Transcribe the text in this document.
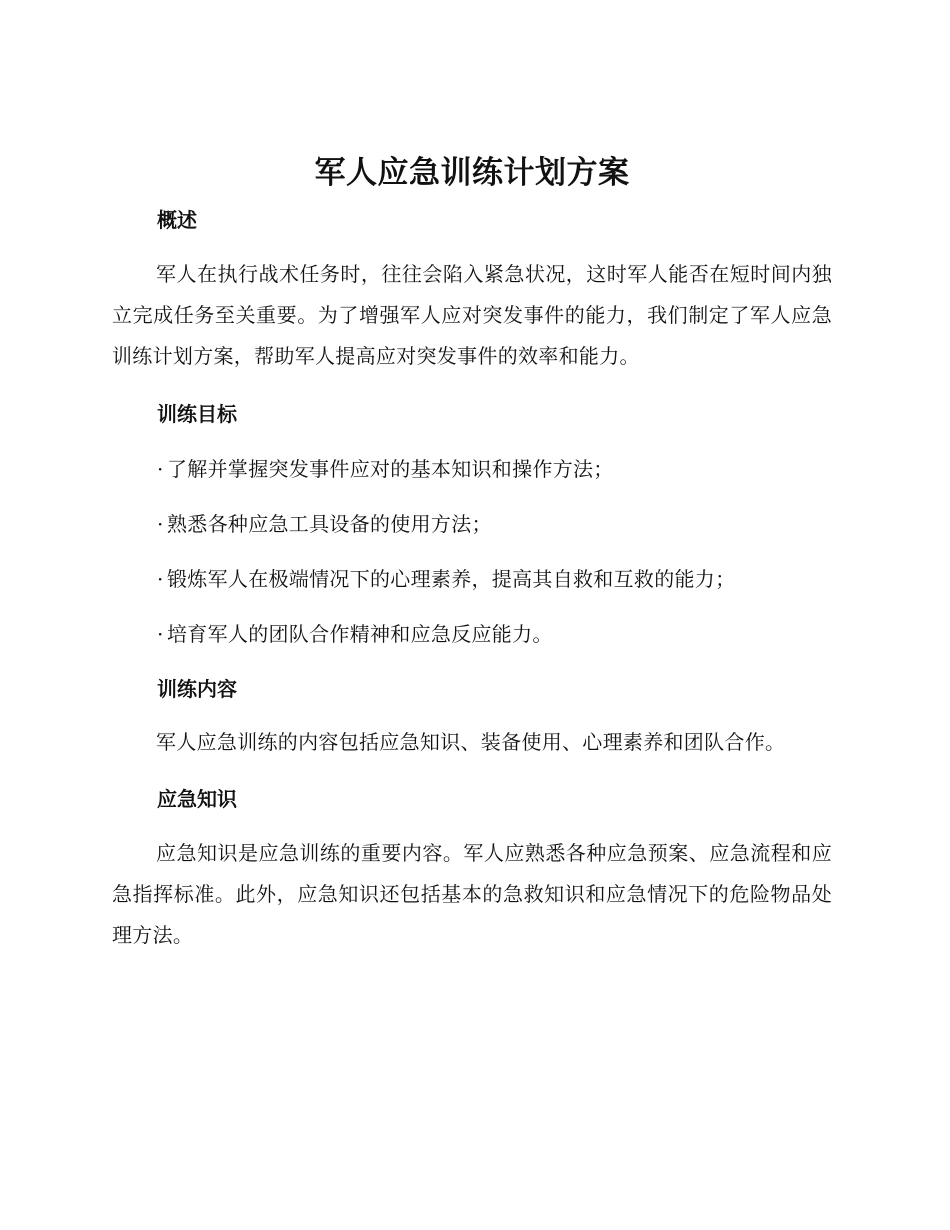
军人应急训练计划方案
概述

军人在执行战术任务时，往往会陷入紧急状况，这时军人能否在短时间内独立完成任务至关重要。为了增强军人应对突发事件的能力，我们制定了军人应急训练计划方案，帮助军人提高应对突发事件的效率和能力。

训练目标

· 了解并掌握突发事件应对的基本知识和操作方法；

· 熟悉各种应急工具设备的使用方法；

· 锻炼军人在极端情况下的心理素养，提高其自救和互救的能力；

· 培育军人的团队合作精神和应急反应能力。

训练内容

军人应急训练的内容包括应急知识、装备使用、心理素养和团队合作。

应急知识

应急知识是应急训练的重要内容。军人应熟悉各种应急预案、应急流程和应急指挥标准。此外，应急知识还包括基本的急救知识和应急情况下的危险物品处理方法。
